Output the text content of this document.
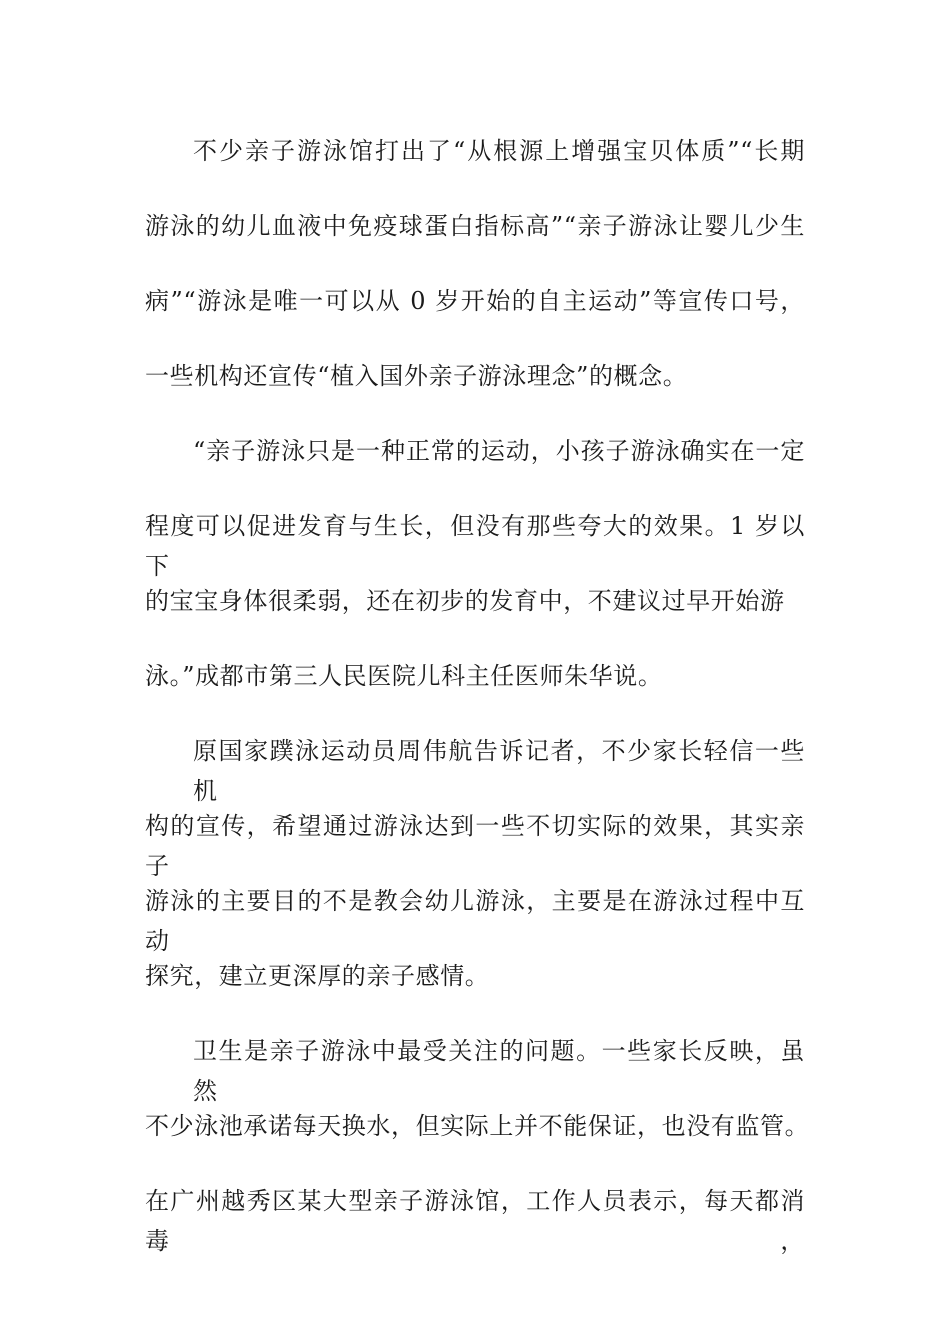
不少亲子游泳馆打出了“从根源上增强宝贝体质”“长期
游泳的幼儿血液中免疫球蛋白指标高”“亲子游泳让婴儿少生
病”“游泳是唯一可以从 0 岁开始的自主运动”等宣传口号，
一些机构还宣传“植入国外亲子游泳理念”的概念。
“亲子游泳只是一种正常的运动，小孩子游泳确实在一定
程度可以促进发育与生长，但没有那些夸大的效果。1 岁以下
的宝宝身体很柔弱，还在初步的发育中，不建议过早开始游
泳。”成都市第三人民医院儿科主任医师朱华说。
原国家蹼泳运动员周伟航告诉记者，不少家长轻信一些机
构的宣传，希望通过游泳达到一些不切实际的效果，其实亲子
游泳的主要目的不是教会幼儿游泳，主要是在游泳过程中互动
探究，建立更深厚的亲子感情。
卫生是亲子游泳中最受关注的问题。一些家长反映，虽然
不少泳池承诺每天换水，但实际上并不能保证，也没有监管。
在广州越秀区某大型亲子游泳馆，工作人员表示，每天都消毒，
